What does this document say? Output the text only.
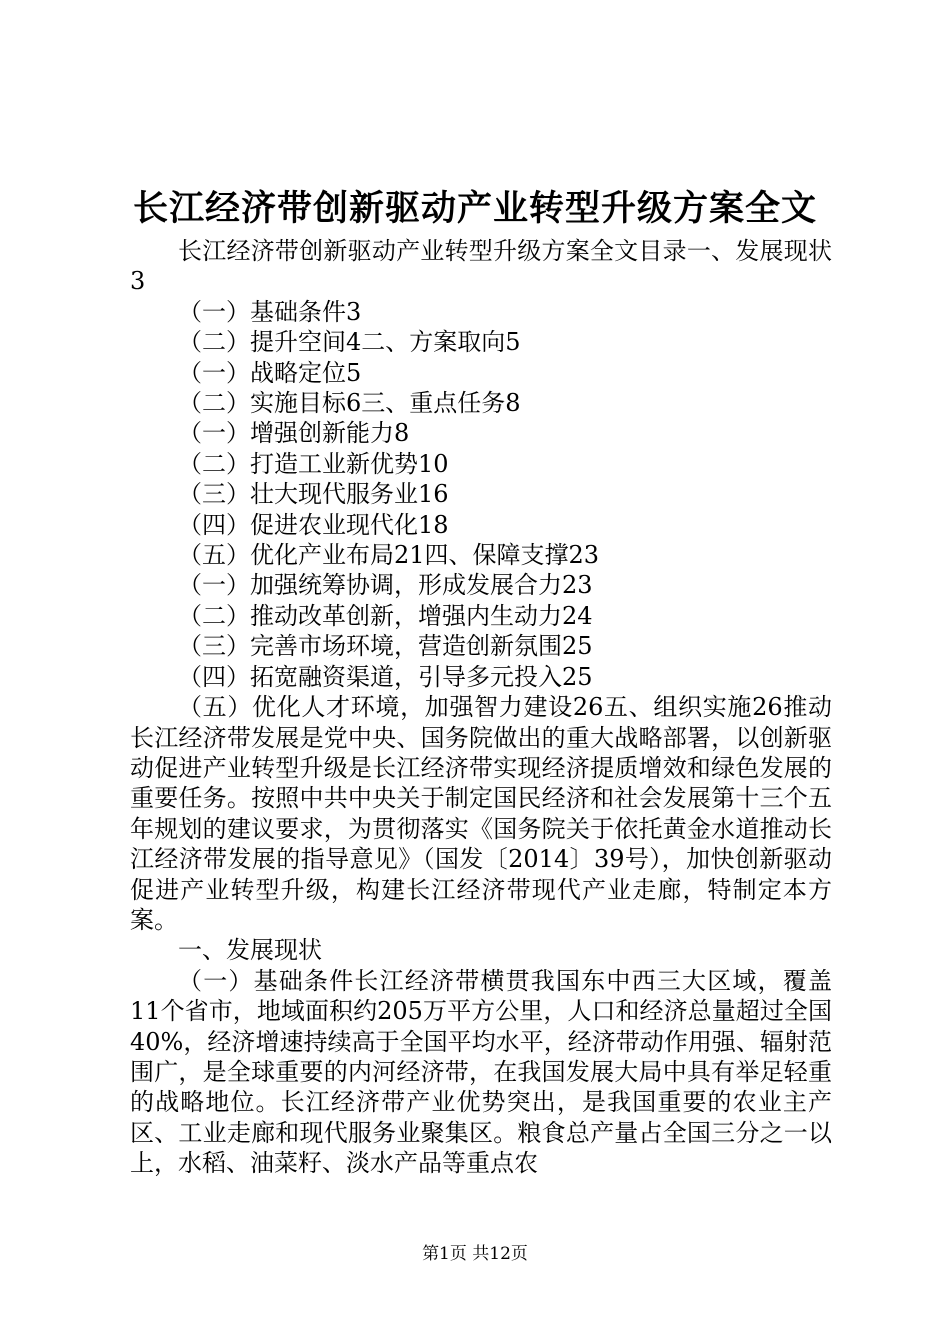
长江经济带创新驱动产业转型升级方案全文

长江经济带创新驱动产业转型升级方案全文目录一、发展现状3

（一）基础条件3

（二）提升空间4二、方案取向5

（一）战略定位5

（二）实施目标6三、重点任务8

（一）增强创新能力8

（二）打造工业新优势10

（三）壮大现代服务业16

（四）促进农业现代化18

（五）优化产业布局21四、保障支撑23

（一）加强统筹协调，形成发展合力23

（二）推动改革创新，增强内生动力24

（三）完善市场环境，营造创新氛围25

（四）拓宽融资渠道，引导多元投入25

（五）优化人才环境，加强智力建设26五、组织实施26推动长江经济带发展是党中央、国务院做出的重大战略部署，以创新驱动促进产业转型升级是长江经济带实现经济提质增效和绿色发展的重要任务。按照中共中央关于制定国民经济和社会发展第十三个五年规划的建议要求，为贯彻落实《国务院关于依托黄金水道推动长江经济带发展的指导意见》（国发〔2014〕39号），加快创新驱动促进产业转型升级，构建长江经济带现代产业走廊，特制定本方案。

一、发展现状

（一）基础条件长江经济带横贯我国东中西三大区域，覆盖11个省市，地域面积约205万平方公里，人口和经济总量超过全国40%，经济增速持续高于全国平均水平，经济带动作用强、辐射范围广，是全球重要的内河经济带，在我国发展大局中具有举足轻重的战略地位。长江经济带产业优势突出，是我国重要的农业主产区、工业走廊和现代服务业聚集区。粮食总产量占全国三分之一以上，水稻、油菜籽、淡水产品等重点农

第1页 共12页
